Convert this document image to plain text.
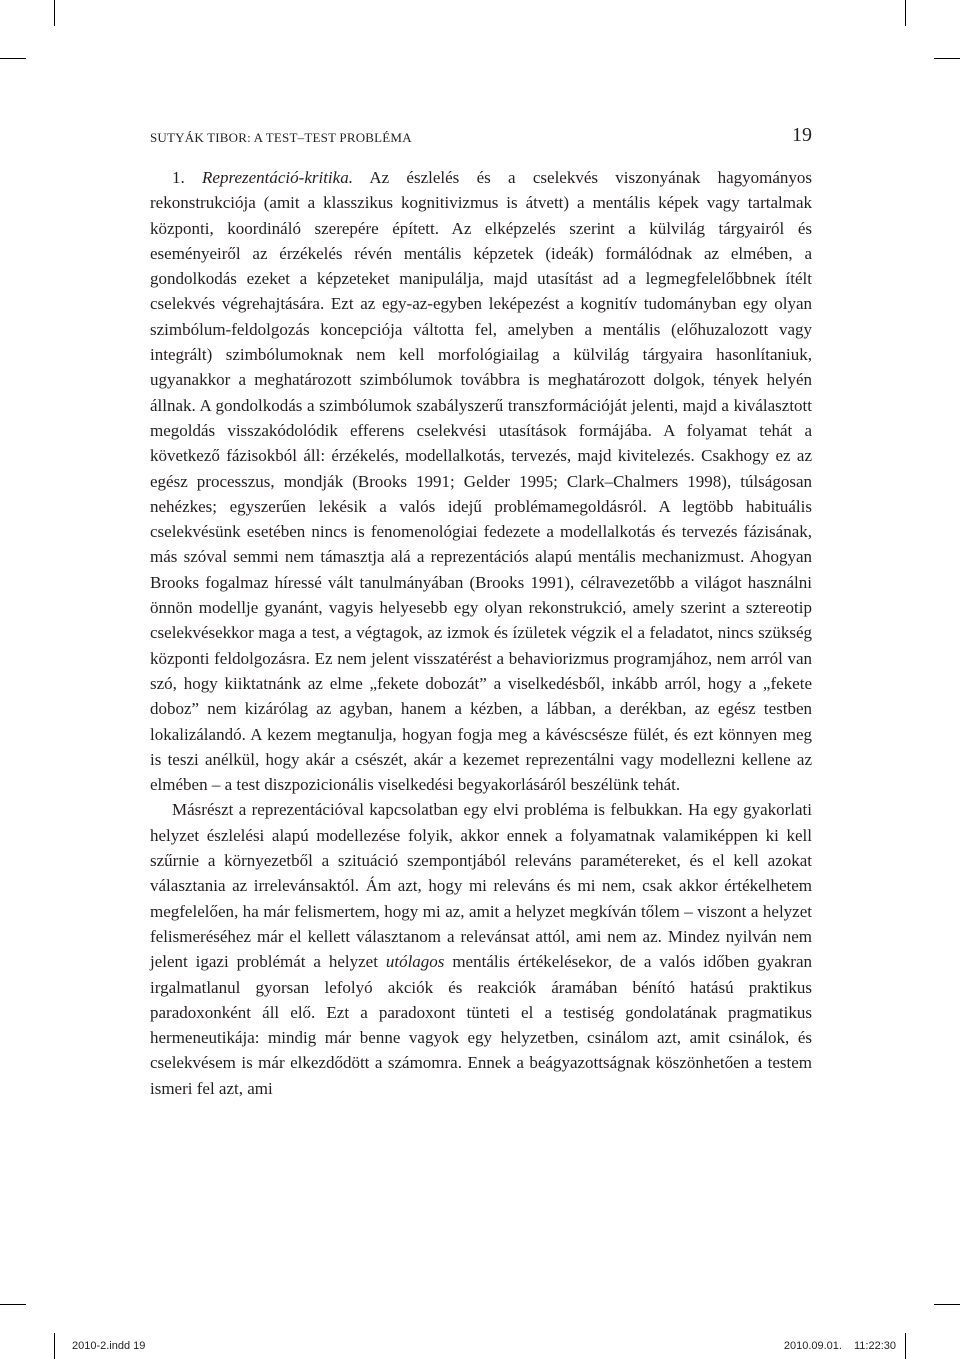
SUTYÁK TIBOR: A TEST–TEST PROBLÉMA	19

1. Reprezentáció-kritika. Az észlelés és a cselekvés viszonyának hagyományos rekonstrukciója (amit a klasszikus kognitivizmus is átvett) a mentális képek vagy tartalmak központi, koordináló szerepére épített. Az elképzelés szerint a külvilág tárgyairól és eseményeiről az érzékelés révén mentális képzetek (ideák) formálódnak az elmében, a gondolkodás ezeket a képzeteket manipulálja, majd utasítást ad a legmegfelelőbbnek ítélt cselekvés végrehajtására. Ezt az egy-az-egyben leképezést a kognitív tudományban egy olyan szimbólum-feldolgozás koncepciója váltotta fel, amelyben a mentális (előhuzalozott vagy integrált) szimbólumoknak nem kell morfológiailag a külvilág tárgyaira hasonlítaniuk, ugyanakkor a meghatározott szimbólumok továbbra is meghatározott dolgok, tények helyén állnak. A gondolkodás a szimbólumok szabályszerű transzformációját jelenti, majd a kiválasztott megoldás visszakódolódik efferens cselekvési utasítások formájába. A folyamat tehát a következő fázisokból áll: érzékelés, modellalkotás, tervezés, majd kivitelezés. Csakhogy ez az egész processzus, mondják (Brooks 1991; Gelder 1995; Clark–Chalmers 1998), túlságosan nehézkes; egyszerűen lekésik a valós idejű problémamegoldásról. A legtöbb habituális cselekvésünk esetében nincs is fenomenológiai fedezete a modellalkotás és tervezés fázisának, más szóval semmi nem támasztja alá a reprezentációs alapú mentális mechanizmust. Ahogyan Brooks fogalmaz híressé vált tanulmányában (Brooks 1991), célravezetőbb a világot használni önnön modellje gyanánt, vagyis helyesebb egy olyan rekonstrukció, amely szerint a sztereotip cselekvésekkor maga a test, a végtagok, az izmok és ízületek végzik el a feladatot, nincs szükség központi feldolgozásra. Ez nem jelent visszatérést a behaviorizmus programjához, nem arról van szó, hogy kiiktatnánk az elme „fekete dobozát” a viselkedésből, inkább arról, hogy a „fekete doboz” nem kizárólag az agyban, hanem a kézben, a lábban, a derékban, az egész testben lokalizálandó. A kezem megtanulja, hogyan fogja meg a kávéscsésze fülét, és ezt könnyen meg is teszi anélkül, hogy akár a csészét, akár a kezemet reprezentálni vagy modellezni kellene az elmében – a test diszpozicionális viselkedési begyakorlásáról beszélünk tehát.

Másrészt a reprezentációval kapcsolatban egy elvi probléma is felbukkan. Ha egy gyakorlati helyzet észlelési alapú modellezése folyik, akkor ennek a folyamatnak valamiképpen ki kell szűrnie a környezetből a szituáció szempontjából releváns paramétereket, és el kell azokat választania az irrelevánsaktól. Ám azt, hogy mi releváns és mi nem, csak akkor értékelhetem megfelelően, ha már felismertem, hogy mi az, amit a helyzet megkíván tőlem – viszont a helyzet felismeréséhez már el kellett választanom a relevánsat attól, ami nem az. Mindez nyilván nem jelent igazi problémát a helyzet utólagos mentális értékelésekor, de a valós időben gyakran irgalmatlanul gyorsan lefolyó akciók és reakciók áramában bénító hatású praktikus paradoxonként áll elő. Ezt a paradoxont tünteti el a testiség gondolatának pragmatikus hermeneutikája: mindig már benne vagyok egy helyzetben, csinálom azt, amit csinálok, és cselekvésem is már elkezdődött a számomra. Ennek a beágyazottságnak köszönhetően a testem ismeri fel azt, ami

2010-2.indd 19	2010.09.01. 11:22:30
